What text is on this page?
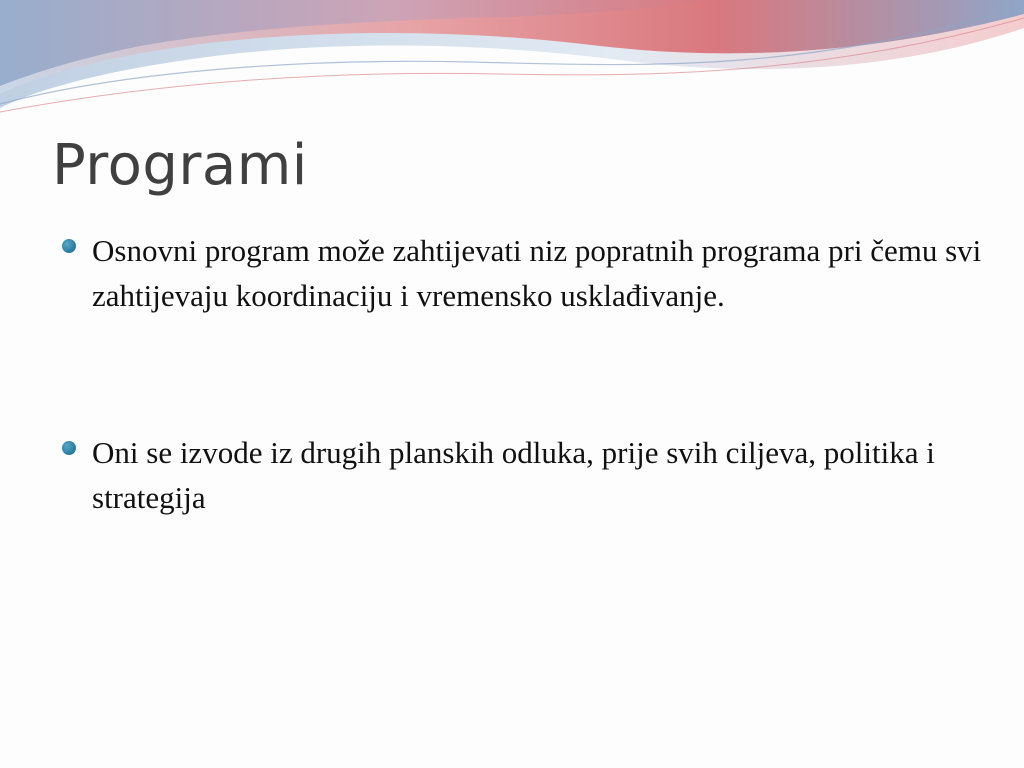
Programi
Osnovni program može zahtijevati niz popratnih programa pri čemu svi zahtijevaju koordinaciju i vremensko usklađivanje.
Oni se izvode iz drugih planskih odluka, prije svih ciljeva, politika i strategija
